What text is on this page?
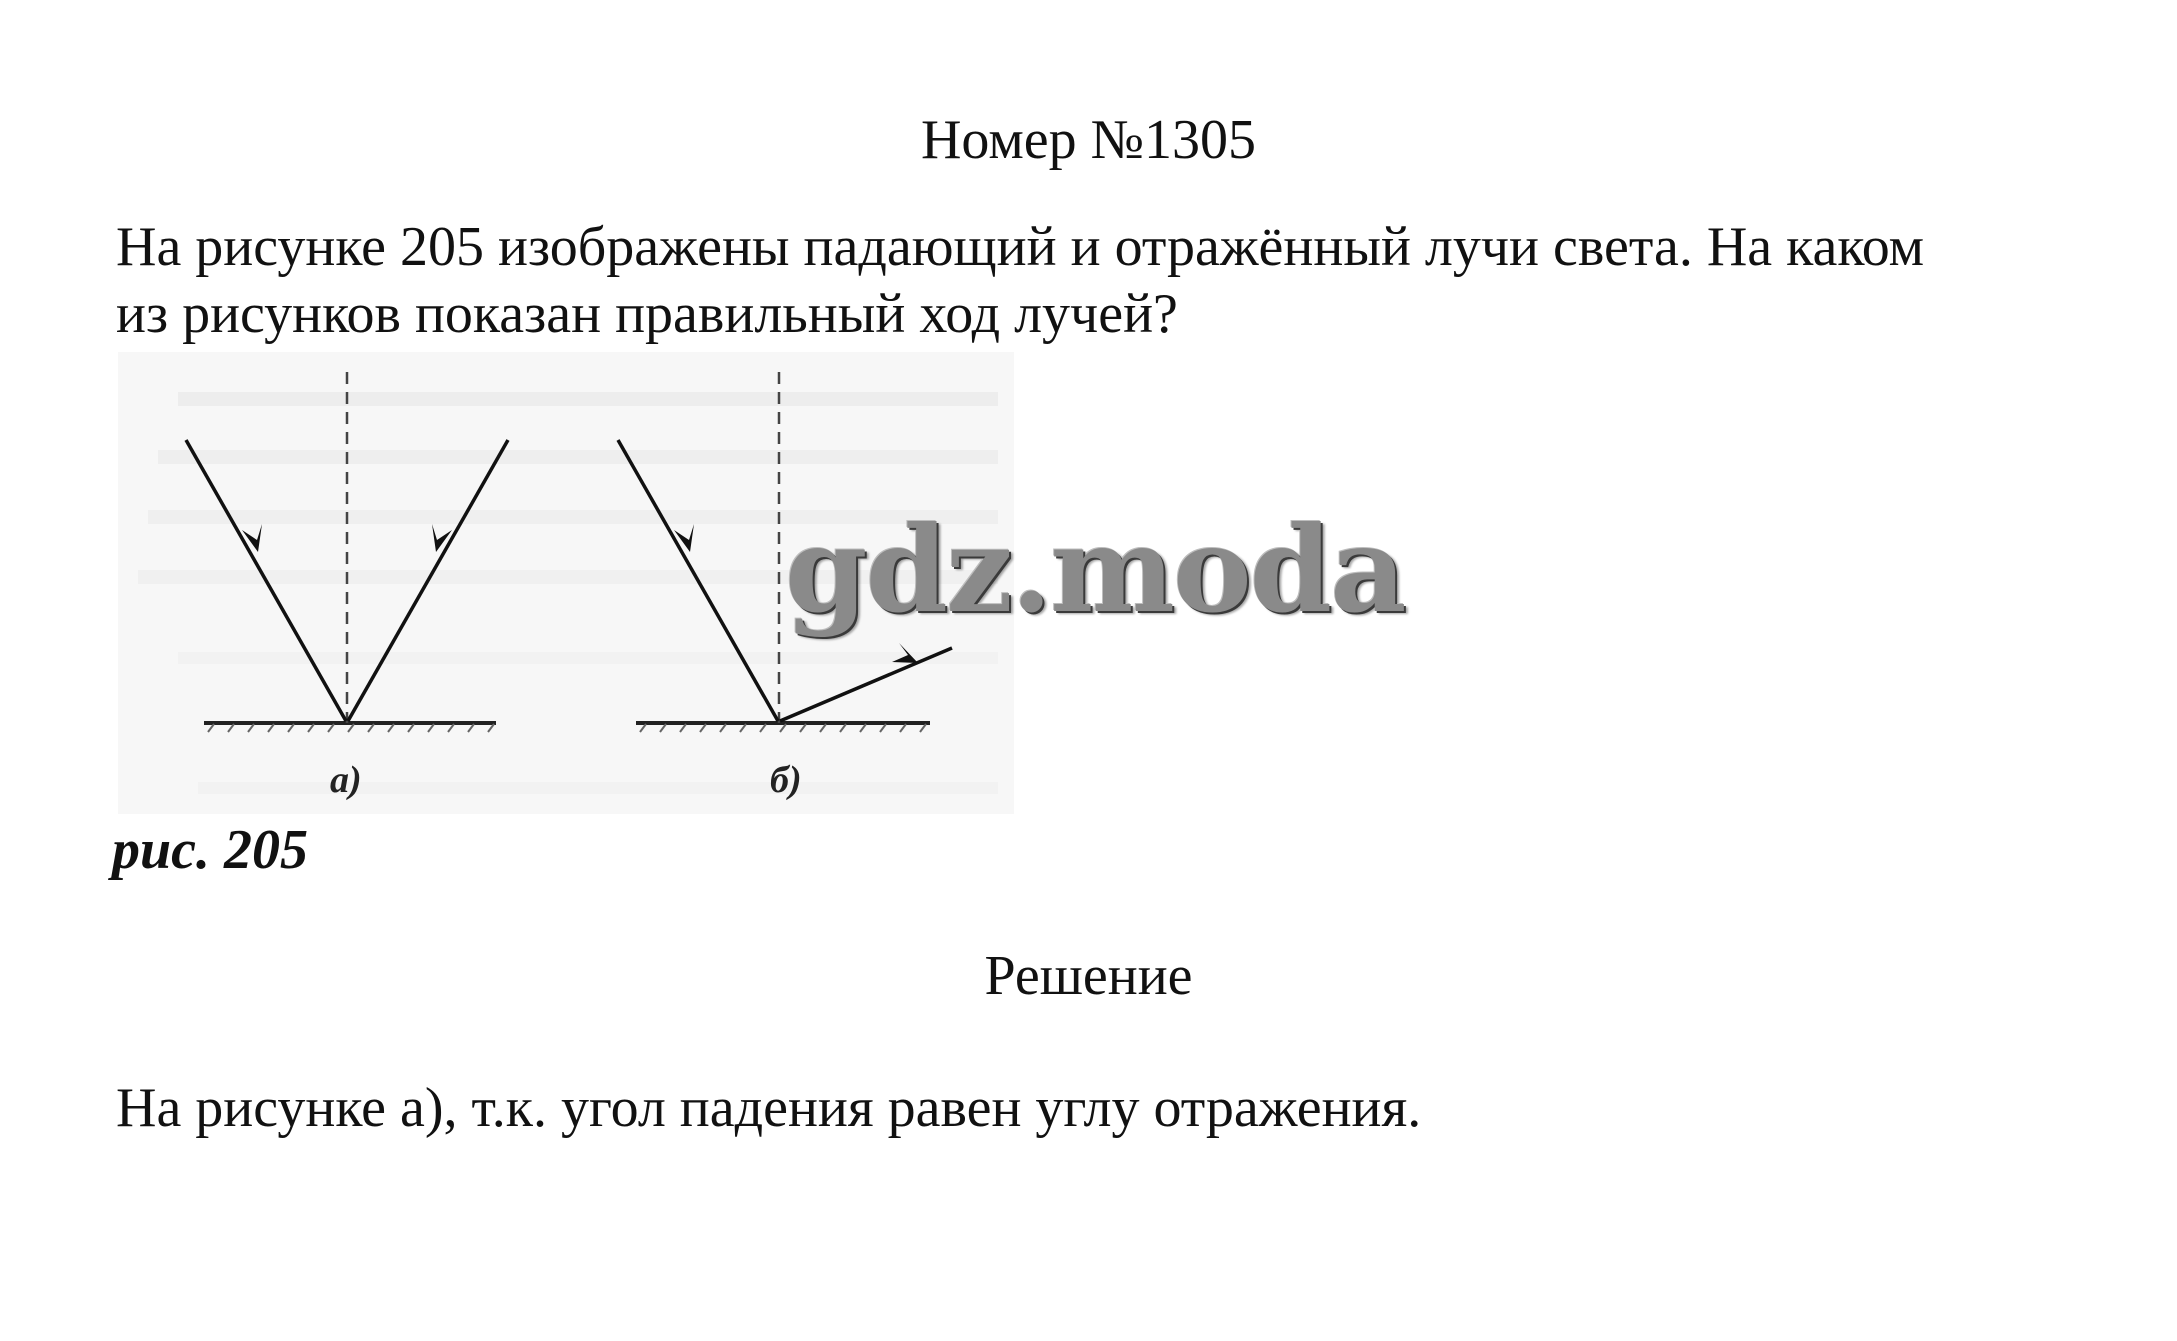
Номер №1305
На рисунке 205 изображены падающий и отражённый лучи света. На каком
из рисунков показан правильный ход лучей?
а)	б)
gdz.moda
рис. 205
Решение
На рисунке а), т.к. угол падения равен углу отражения.
